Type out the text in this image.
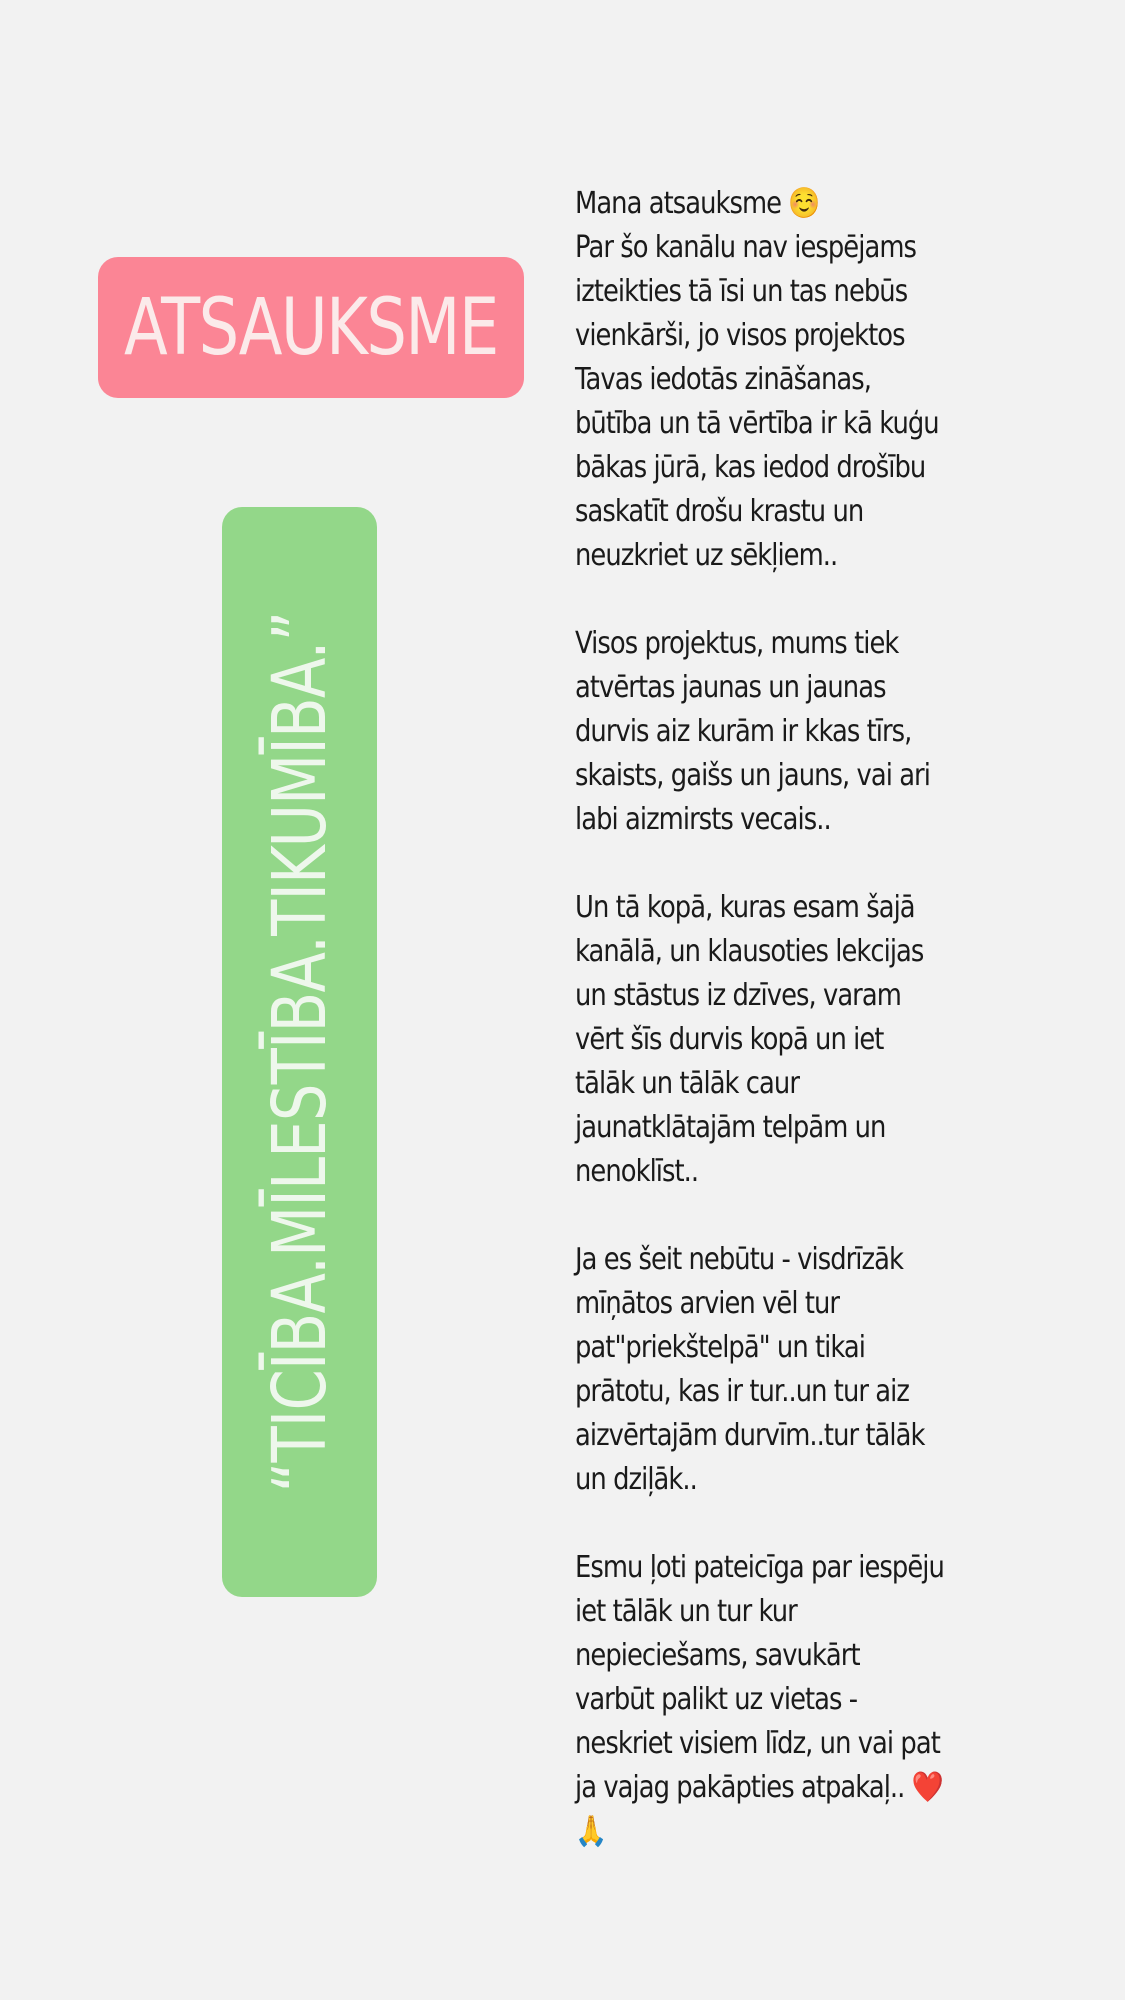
ATSAUKSME
“TICĪBA.MĪLESTĪBA.TIKUMĪBA.”
Mana atsauksme ☺️
Par šo kanālu nav iespējams izteikties tā īsi un tas nebūs vienkārši, jo visos projektos Tavas iedotās zināšanas, būtība un tā vērtība ir kā kuģu bākas jūrā, kas iedod drošību saskatīt drošu krastu un neuzkriet uz sēkļiem..
Visos projektus, mums tiek atvērtas jaunas un jaunas durvis aiz kurām ir kkas tīrs, skaists, gaišs un jauns, vai ari labi aizmirsts vecais..
Un tā kopā, kuras esam šajā kanālā, un klausoties lekcijas un stāstus iz dzīves, varam vērt šīs durvis kopā un iet tālāk un tālāk caur jaunatklātajām telpām un nenoklīst..
Ja es šeit nebūtu - visdrīzāk mīņātos arvien vēl tur pat"priekštelpā" un tikai prātotu, kas ir tur..un tur aiz aizvērtajām durvīm..tur tālāk un dziļāk..
Esmu ļoti pateicīga par iespēju iet tālāk un tur kur nepieciešams, savukārt varbūt palikt uz vietas - neskriet visiem līdz, un vai pat ja vajag pakāpties atpakaļ.. ❤️🙏
